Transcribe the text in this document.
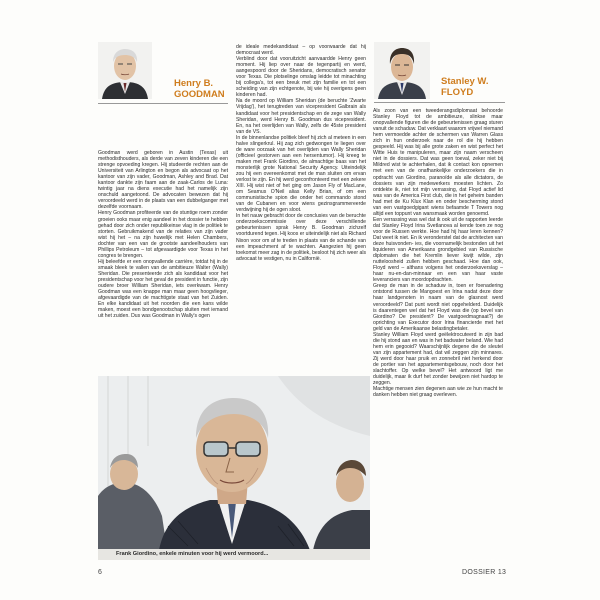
Henry B.
GOODMAN
Stanley W.
FLOYD

Goodman werd geboren in Austin (Texas) uit methodisthouders, als derde van zeven kinderen die een strenge opvoeding kregen. Hij studeerde rechten aan de Universiteit van Arlington en begon als advocaat op het kantoor van zijn vader, Goodman, Ashley and Brad. Dat kantoor dankte zijn faam aan de zaak-Carlos de Luna: twintig jaar na diens executie had het namelijk zijn onschuld aangetoond. De advocaten bewezen dat hij veroordeeld werd in de plaats van een dubbelganger met dezelfde voornaam.

Henry Goodman profiteerde van de stuntige roem zonder groeien ooks maar enig aandeel in het dossier te hebben gehad door zich onder republikeinse vlag in de politiek te storten. Gebruikmakend van de relaties van zijn vader wist hij het – na zijn huwelijk met Helen Chambers, dochter van een van de grootste aandeelhouders van Phillips Petroleum – tot afgevaardigde voor Texas in het congres te brengen.

Hij beleefde er een onopvallende carrière, totdat hij in de smaak bleek te vallen van de ambitieuze Walter (Wally) Sheridan. Die presenteerde zich als kandidaat voor het presidentschap voor het geval de president in functie, zijn oudere broer William Sheridan, iets overkwam. Henry Goodman was een knappe man maar geen hoogvlieger, afgevaardigde van de machtigste staat van het Zuiden. En elke kandidaat uit het noorden die een kans wilde maken, moest een bondgenootschap sluiten met iemand uit het zuiden. Dus was Goodman in Wally's ogen

de ideale medekandidaat – op voorwaarde dat hij democraat werd.

Verblind door dat vooruitzicht aanvaardde Henry geen moment. Hij liep over naar de tegenpartij en werd, aangespoord door de Sheridans, democratisch senator voor Texas. Die plotselinge omslag leidde tot minachting bij collega's, tot een breuk met zijn familie en tot een scheiding van zijn echtgenote, bij wie hij overigens geen kinderen had.

Na de moord op William Sheridan (de beruchte 'Zwarte Vrijdag'), het terugtreden van vicepresident Galbrain als kandidaat voor het presidentschap en de zege van Wally Sheridan, werd Henry B. Goodman dus vicepresident. En, na het overlijden van Wally, zelfs de 45ste president van de VS.

In de binnenlandse politiek bleef hij zich al meteen in een halve slingerkrul. Hij zag zich gedwongen te liegen over de ware oorzaak van het overlijden van Wally Sheridan (officieel gestorven aan een hersentumor). Hij kreeg te maken met Frank Giordino, de almachtige baas van het monsterlijk grote National Security Agency. Uiteindelijk zou hij een overeenkomst met de man sluiten om ervan verlost te zijn. En hij werd geconfronteerd met een zekere XIII. Hij wist niet of het ging om Jason Fly of MacLane, om Seamus O'Neil alias Kelly Brian, of om een communistische spion die onder het commando stond van de Cubanen en voor wiens gezinsgrammereerde verdwijning hij de ogen sloot.

In het nauw gebracht door de conclusies van de beruchte onderzoekscommissie over deze verschillende gebeurtenissen sprak Henry B. Goodman zichzelf voortdurend tegen. Hij koos er uiteindelijk niet als Richard Nixon voor om af te treden in plaats van de schande van een impeachment af te wachten. Aangezien hij geen toekomst meer zag in de politiek, besloot hij zich weer als advocaat te vestigen, nu in Californië.

Als zoon van een tweederangsdiplomaat behoorde Stanley Floyd tot de ambitieuze, slinkse maar onopvallende figuren die de gebeurtenissen graag sturen vanuit de schaduw. Dat verklaart waarom vrijwel niemand hem vermoedde achter de schermen van Warren Glass zich in hun onderzoek naar de rol die hij hebben gespeeld. Hij was bij alle grote zaken en wist perfect het Witte Huis te manipuleren, maar zijn naam verscheen niet in de dossiers. Dat was geen toeval, zeker niet bij Mildred wist te achterhalen, dat ik contact kon opnemen met een van de onafhankelijke onderzoekers die in opdracht van Giordino, paranoïde als alle dictators, de dossiers van zijn medewerkers moesten lichten. Zo ontdekte ik, niet tot mijn verrassing, dat Floyd actief lid was van de America First club, die in het geheim banden had met de Ku Klux Klan en onder bescherming stond van een vastgoedgigant wiens befaamde T Towers nog altijd een toppunt van wansmaak worden genoemd.

Een verrassing was wel dat ik ook uit de rapporten leerde dat Stanley Floyd Irina Svetlanova al kende toen ze nog voor de Russen werkte. Hoe had hij haar leren kennen? Dat weet ik niet. En ik veronderstel dat de architecten van deze huisvonden- ies, die voornamelijk bestonden uit het liquideren van Amerikaans grondgebied van Russische diplomaten die het Kremlin liever kwijt wilde, zijn nutteloosheid zullen hebben geschaad. Hoe dan ook, Floyd werd – althans volgens het onderzoeksverslag – haar nu-en-dan-minnaar en een van haar vaste leveranciers van moordopdrachten.

Greep de man in de schaduw in, toen er foenadering ontstond tussen de Mangoest en Irina nadat deze door haar landgenoten in naam van de glasnost werd veroordeeld? Dat punt wordt niet opgehelderd. Duidelijk is daarentegen wel dat het Floyd was die (op bevel van Giordino? De president? De vastgoedmagnaat?) de oprichting van Executor door Irina financierde met het geld van de Amerikaanse belastingbetaler.

Stanley William Floyd werd geëlektrocuteerd in zijn bad die hij stond aan en was in het badwater beland. Wie had hem erin gegooid? Waarschijnlijk degene die de sleutel van zijn appartement had, dat wil zeggen zijn minnares. Zij werd door haar pruik en zonnebril niet herkend door de portier van het appartementsgebouw, noch door het slachtoffer. Op welke bevel? Het antwoord ligt me duidelijk, maar ik durf het zonder bewijzen niet hardop te zeggen.

Machtige mensen zien degenen aan wie ze hun macht te danken hebben niet graag overleven.

Frank Giordino, enkele minuten voor hij werd vermoord...
6	DOSSIER 13
